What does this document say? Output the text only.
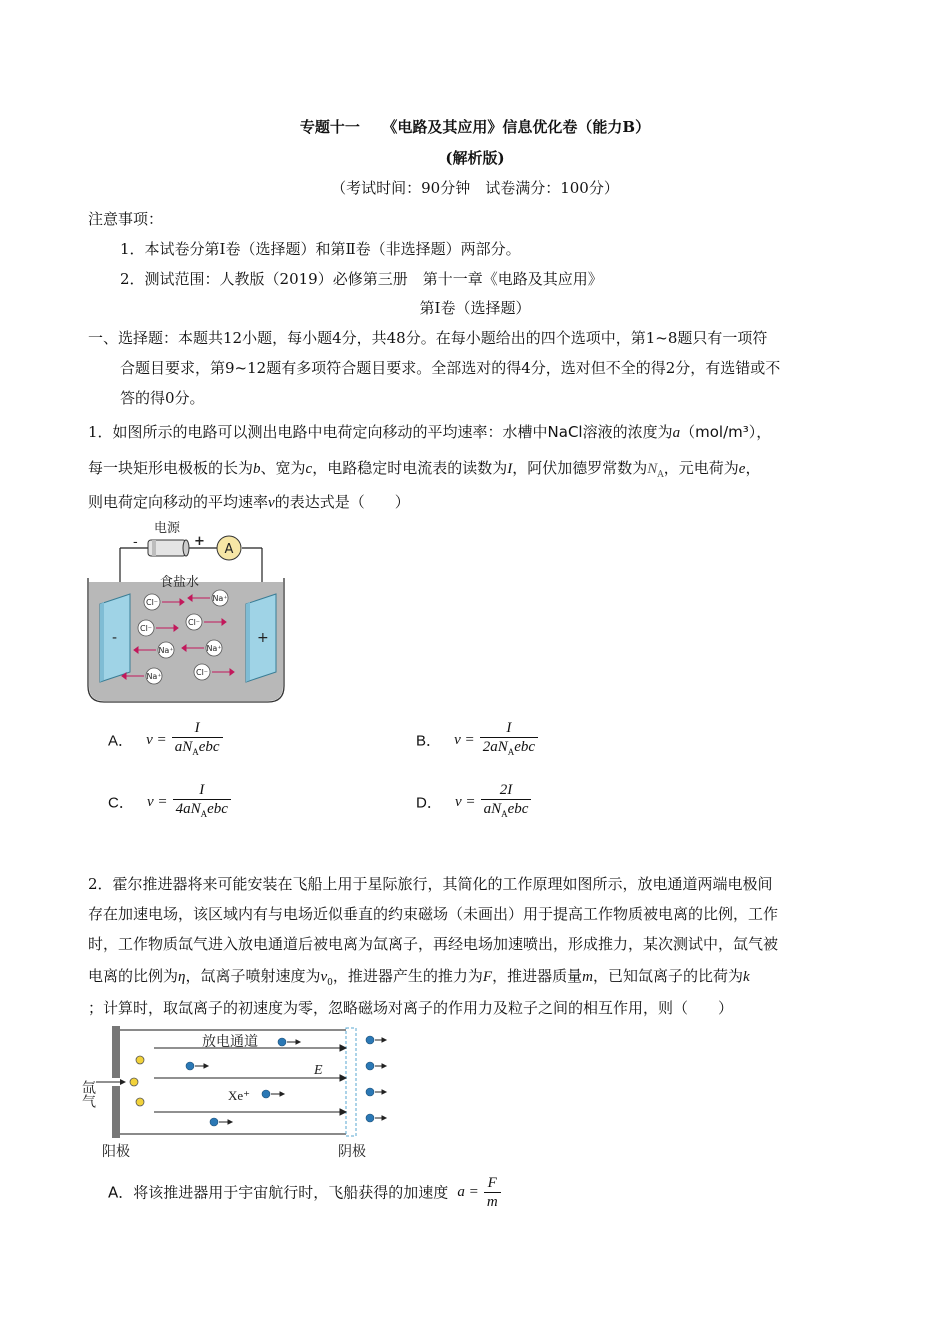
专题十一　　《电路及其应用》信息优化卷（能力B）
(解析版)
（考试时间：90分钟　试卷满分：100分）
注意事项：
1．本试卷分第Ⅰ卷（选择题）和第Ⅱ卷（非选择题）两部分。
2．测试范围：人教版（2019）必修第三册　第十一章《电路及其应用》
第Ⅰ卷（选择题）
一、选择题：本题共12小题，每小题4分，共48分。在每小题给出的四个选项中，第1~8题只有一项符
合题目要求，第9~12题有多项符合题目要求。全部选对的得4分，选对但不全的得2分，有选错或不
答的得0分。
1．如图所示的电路可以测出电路中电荷定向移动的平均速率：水槽中NaCl溶液的浓度为a（mol/m³），
每一块矩形电极板的长为b、宽为c，电路稳定时电流表的读数为I，阿伏加德罗常数为$N_A$，元电荷为e，
则电荷定向移动的平均速率v的表达式是（　　）
电源
-	+
A
食盐水
-	+
Cl⁻	Na⁺
Cl⁻
Cl⁻
Na⁺	Na⁺
Cl⁻
Na⁺
A． $v = \frac{I}{aN_Aebc}$	B． $v = \frac{I}{2aN_Aebc}$
C． $v = \frac{I}{4aN_Aebc}$	D． $v = \frac{2I}{aN_Aebc}$
2．霍尔推进器将来可能安装在飞船上用于星际旅行，其简化的工作原理如图所示，放电通道两端电极间
存在加速电场，该区域内有与电场近似垂直的约束磁场（未画出）用于提高工作物质被电离的比例，工作
时，工作物质氙气进入放电通道后被电离为氙离子，再经电场加速喷出，形成推力，某次测试中，氙气被
电离的比例为η，氙离子喷射速度为$v_0$，推进器产生的推力为F，推进器质量m，已知氙离子的比荷为k
；计算时，取氙离子的初速度为零，忽略磁场对离子的作用力及粒子之间的相互作用，则（　　）
氙气
放电通道
E
Xe⁺
阳极	阴极
A．将该推进器用于宇宙航行时，飞船获得的加速度 $a = \frac{F}{m}$
